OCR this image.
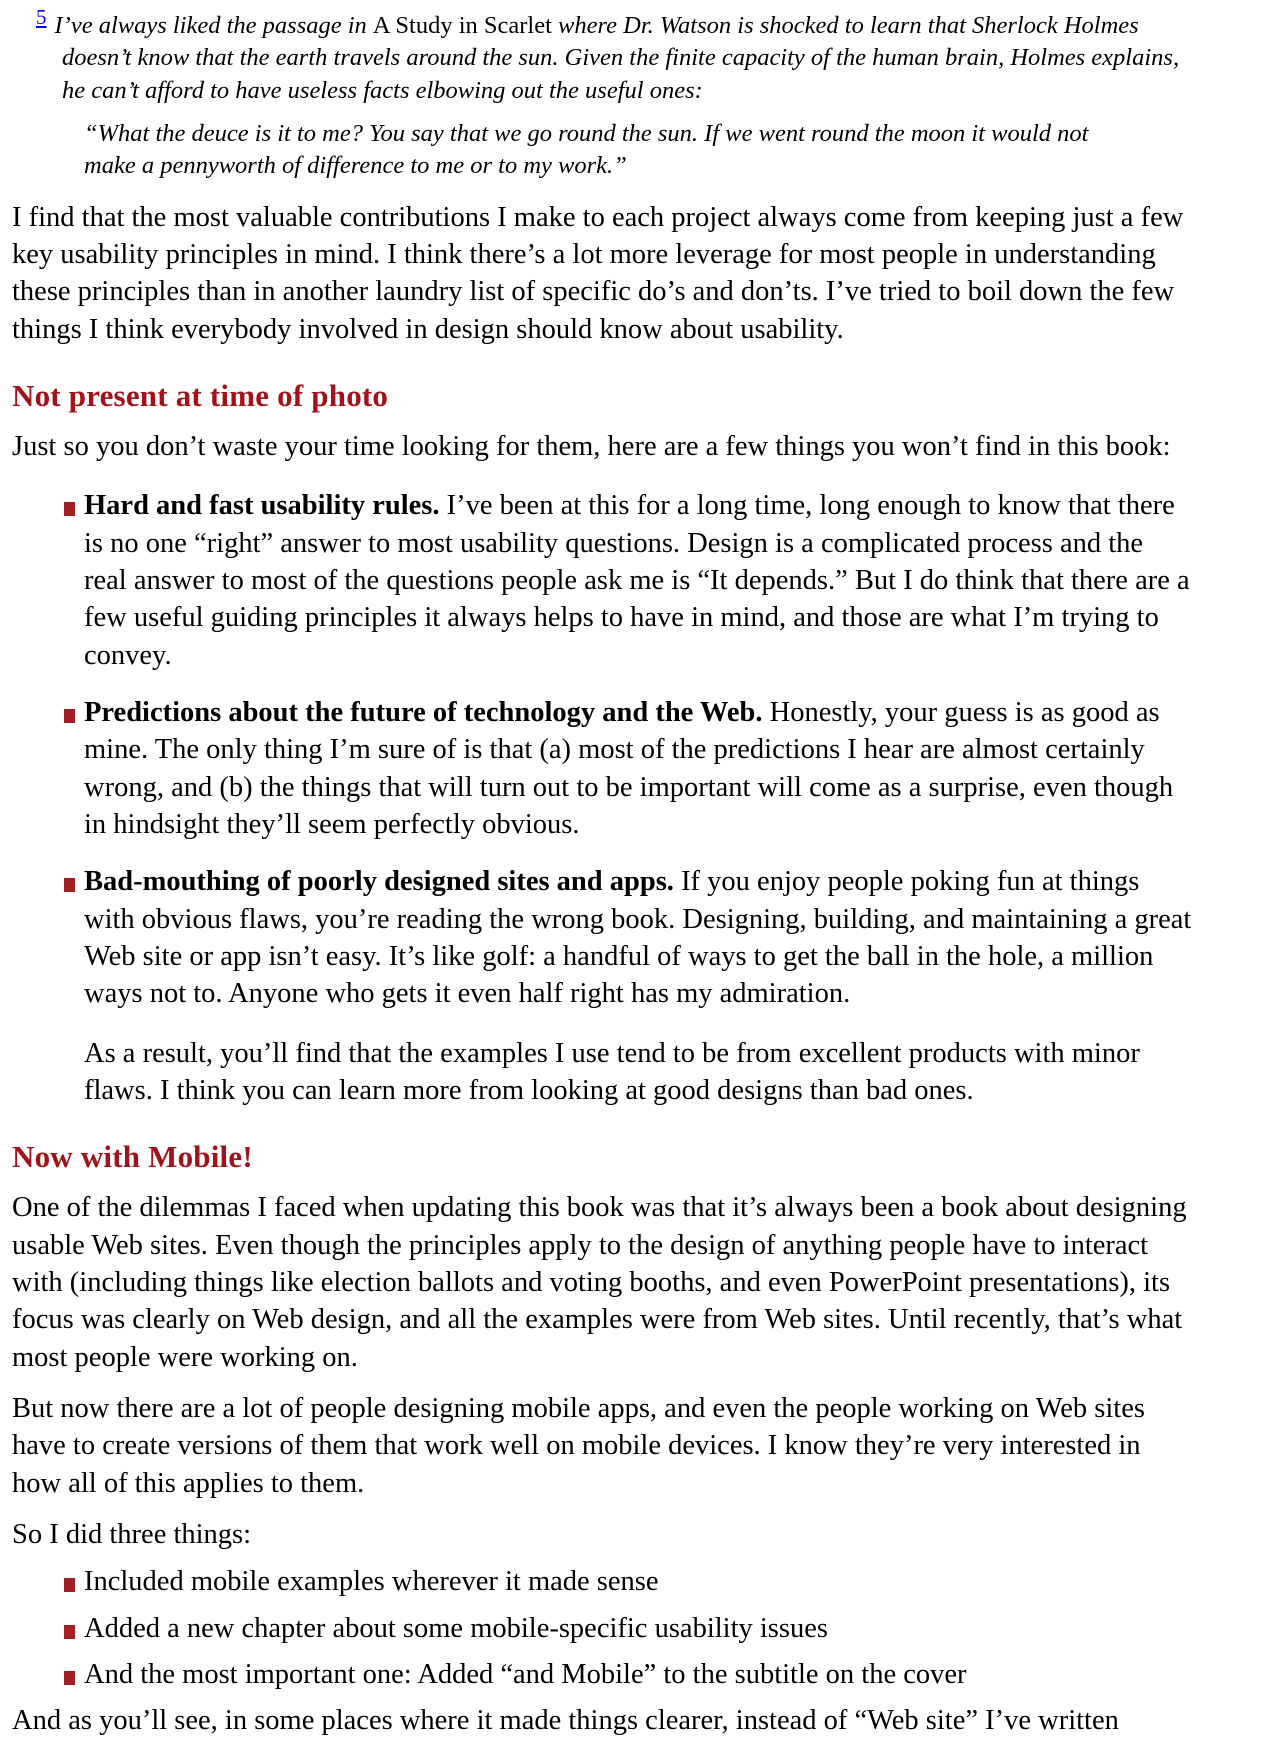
5 I’ve always liked the passage in A Study in Scarlet where Dr. Watson is shocked to learn that Sherlock Holmes doesn’t know that the earth travels around the sun. Given the finite capacity of the human brain, Holmes explains, he can’t afford to have useless facts elbowing out the useful ones:
“What the deuce is it to me? You say that we go round the sun. If we went round the moon it would not make a pennyworth of difference to me or to my work.”

I find that the most valuable contributions I make to each project always come from keeping just a few key usability principles in mind. I think there’s a lot more leverage for most people in understanding these principles than in another laundry list of specific do’s and don’ts. I’ve tried to boil down the few things I think everybody involved in design should know about usability.

Not present at time of photo

Just so you don’t waste your time looking for them, here are a few things you won’t find in this book:

Hard and fast usability rules. I’ve been at this for a long time, long enough to know that there is no one “right” answer to most usability questions. Design is a complicated process and the real answer to most of the questions people ask me is “It depends.” But I do think that there are a few useful guiding principles it always helps to have in mind, and those are what I’m trying to convey.
Predictions about the future of technology and the Web. Honestly, your guess is as good as mine. The only thing I’m sure of is that (a) most of the predictions I hear are almost certainly wrong, and (b) the things that will turn out to be important will come as a surprise, even though in hindsight they’ll seem perfectly obvious.
Bad-mouthing of poorly designed sites and apps. If you enjoy people poking fun at things with obvious flaws, you’re reading the wrong book. Designing, building, and maintaining a great Web site or app isn’t easy. It’s like golf: a handful of ways to get the ball in the hole, a million ways not to. Anyone who gets it even half right has my admiration.

As a result, you’ll find that the examples I use tend to be from excellent products with minor flaws. I think you can learn more from looking at good designs than bad ones.

Now with Mobile!

One of the dilemmas I faced when updating this book was that it’s always been a book about designing usable Web sites. Even though the principles apply to the design of anything people have to interact with (including things like election ballots and voting booths, and even PowerPoint presentations), its focus was clearly on Web design, and all the examples were from Web sites. Until recently, that’s what most people were working on.

But now there are a lot of people designing mobile apps, and even the people working on Web sites have to create versions of them that work well on mobile devices. I know they’re very interested in how all of this applies to them.

So I did three things:

Included mobile examples wherever it made sense
Added a new chapter about some mobile-specific usability issues
And the most important one: Added “and Mobile” to the subtitle on the cover

And as you’ll see, in some places where it made things clearer, instead of “Web site” I’ve written
